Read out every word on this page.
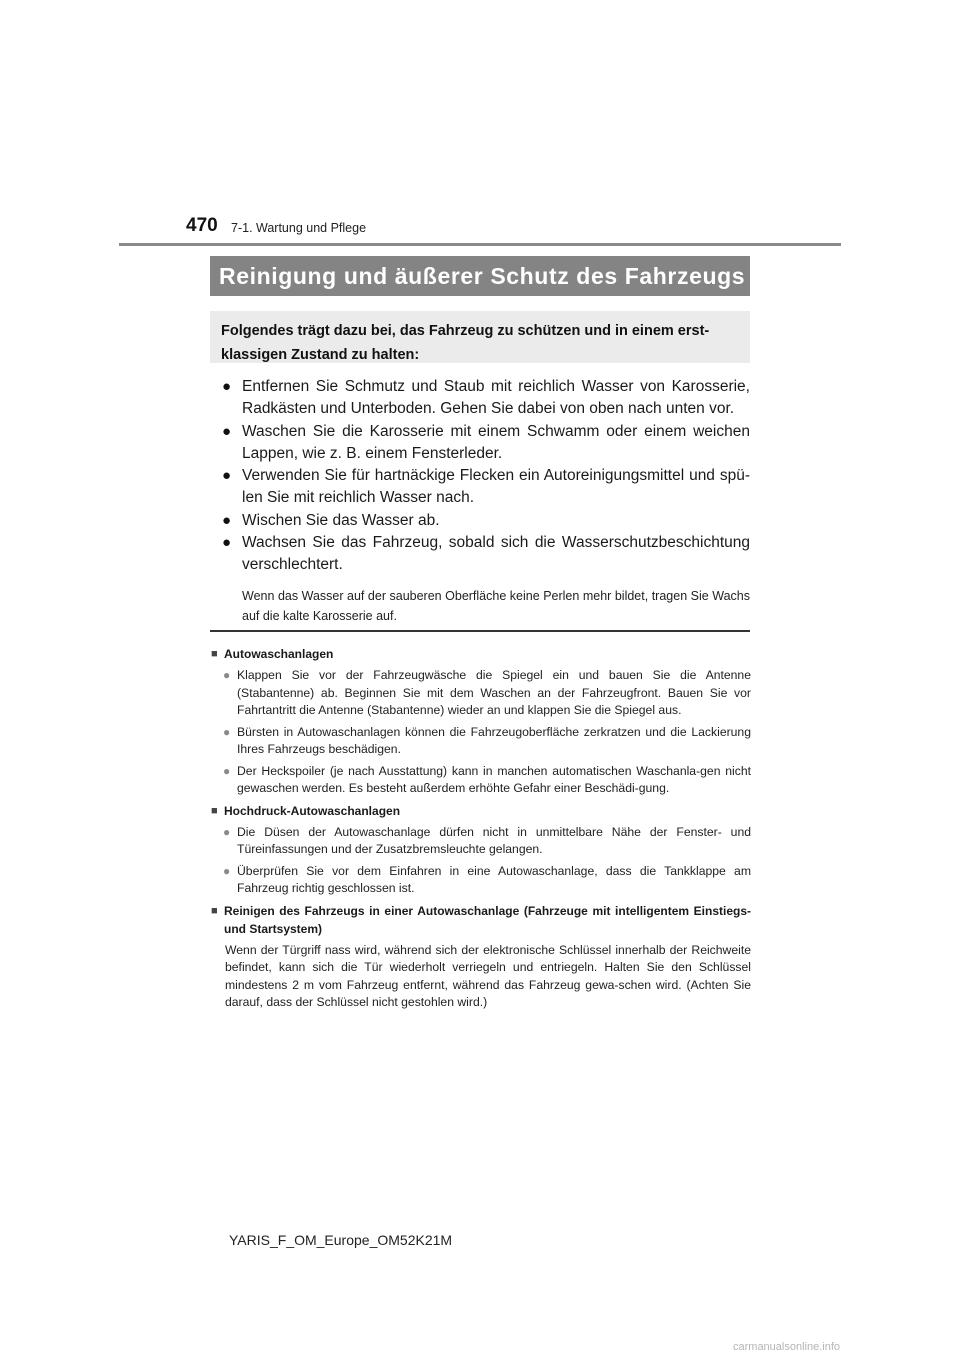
470 7-1. Wartung und Pflege
Reinigung und äußerer Schutz des Fahrzeugs
Folgendes trägt dazu bei, das Fahrzeug zu schützen und in einem erst-klassigen Zustand zu halten:
● Entfernen Sie Schmutz und Staub mit reichlich Wasser von Karosserie, Radkästen und Unterboden. Gehen Sie dabei von oben nach unten vor.
● Waschen Sie die Karosserie mit einem Schwamm oder einem weichen Lappen, wie z. B. einem Fensterleder.
● Verwenden Sie für hartnäckige Flecken ein Autoreinigungsmittel und spü-len Sie mit reichlich Wasser nach.
● Wischen Sie das Wasser ab.
● Wachsen Sie das Fahrzeug, sobald sich die Wasserschutzbeschichtung verschlechtert.
Wenn das Wasser auf der sauberen Oberfläche keine Perlen mehr bildet, tragen Sie Wachs auf die kalte Karosserie auf.
■ Autowaschanlagen
● Klappen Sie vor der Fahrzeugwäsche die Spiegel ein und bauen Sie die Antenne (Stabantenne) ab. Beginnen Sie mit dem Waschen an der Fahrzeugfront. Bauen Sie vor Fahrtantritt die Antenne (Stabantenne) wieder an und klappen Sie die Spiegel aus.
● Bürsten in Autowaschanlagen können die Fahrzeugoberfläche zerkratzen und die Lackierung Ihres Fahrzeugs beschädigen.
● Der Heckspoiler (je nach Ausstattung) kann in manchen automatischen Waschanla-gen nicht gewaschen werden. Es besteht außerdem erhöhte Gefahr einer Beschädi-gung.
■ Hochdruck-Autowaschanlagen
● Die Düsen der Autowaschanlage dürfen nicht in unmittelbare Nähe der Fenster- und Türeinfassungen und der Zusatzbremsleuchte gelangen.
● Überprüfen Sie vor dem Einfahren in eine Autowaschanlage, dass die Tankklappe am Fahrzeug richtig geschlossen ist.
■ Reinigen des Fahrzeugs in einer Autowaschanlage (Fahrzeuge mit intelligentem Einstiegs- und Startsystem)
Wenn der Türgriff nass wird, während sich der elektronische Schlüssel innerhalb der Reichweite befindet, kann sich die Tür wiederholt verriegeln und entriegeln. Halten Sie den Schlüssel mindestens 2 m vom Fahrzeug entfernt, während das Fahrzeug gewa-schen wird. (Achten Sie darauf, dass der Schlüssel nicht gestohlen wird.)
YARIS_F_OM_Europe_OM52K21M
carmanualsonline.info
